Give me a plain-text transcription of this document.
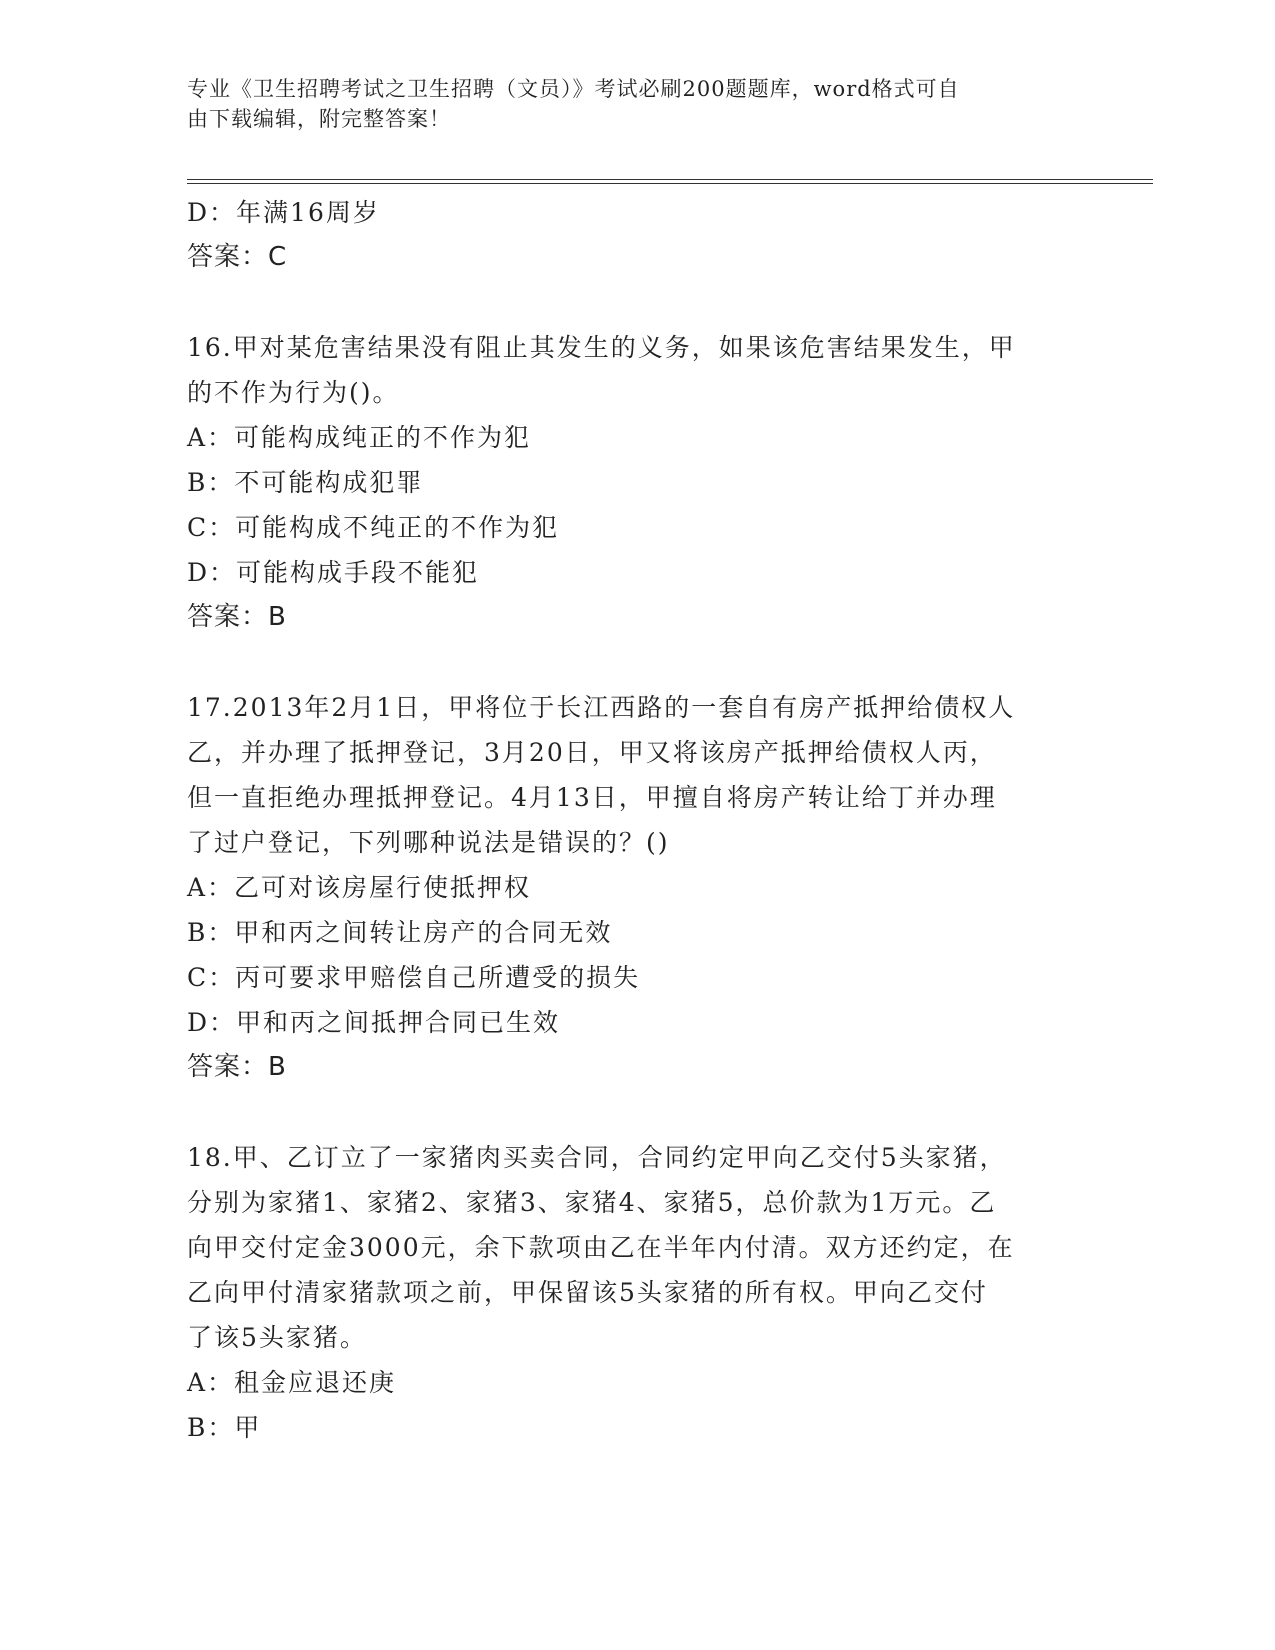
专业《卫生招聘考试之卫生招聘（文员）》考试必刷200题题库，word格式可自
由下载编辑，附完整答案！
D：年满16周岁
答案：C
16.甲对某危害结果没有阻止其发生的义务，如果该危害结果发生，甲
的不作为行为()。
A：可能构成纯正的不作为犯
B：不可能构成犯罪
C：可能构成不纯正的不作为犯
D：可能构成手段不能犯
答案：B
17.2013年2月1日，甲将位于长江西路的一套自有房产抵押给债权人
乙，并办理了抵押登记，3月20日，甲又将该房产抵押给债权人丙，
但一直拒绝办理抵押登记。4月13日，甲擅自将房产转让给丁并办理
了过户登记，下列哪种说法是错误的？()
A：乙可对该房屋行使抵押权
B：甲和丙之间转让房产的合同无效
C：丙可要求甲赔偿自己所遭受的损失
D：甲和丙之间抵押合同已生效
答案：B
18.甲、乙订立了一家猪肉买卖合同，合同约定甲向乙交付5头家猪，
分别为家猪1、家猪2、家猪3、家猪4、家猪5，总价款为1万元。乙
向甲交付定金3000元，余下款项由乙在半年内付清。双方还约定，在
乙向甲付清家猪款项之前，甲保留该5头家猪的所有权。甲向乙交付
了该5头家猪。
A：租金应退还庚
B：甲
